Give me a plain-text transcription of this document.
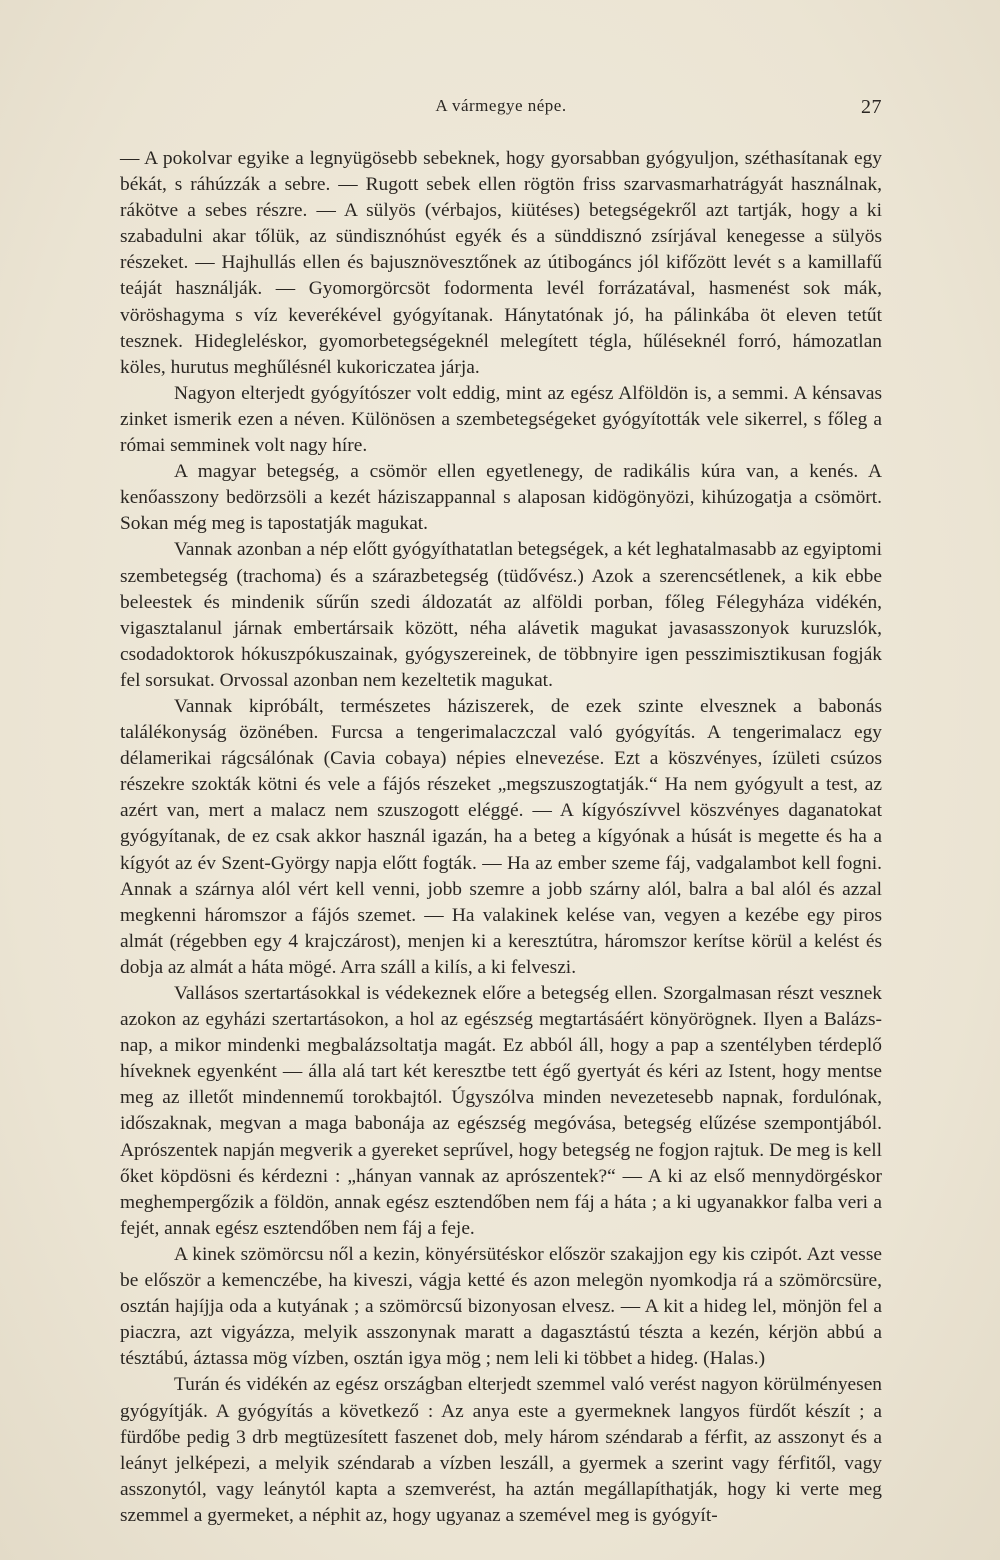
A vármegye népe.	27

— A pokolvar egyike a legnyügösebb sebeknek, hogy gyorsabban gyógyuljon, széthasítanak egy békát, s ráhúzzák a sebre. — Rugott sebek ellen rögtön friss szarvasmarhatrágyát használnak, rákötve a sebes részre. — A sülyös (vérbajos, kiütéses) betegségekről azt tartják, hogy a ki szabadulni akar tőlük, az sündisznóhúst egyék és a sünddisznó zsírjával kenegesse a sülyös részeket. — Hajhullás ellen és bajusznövesztőnek az útibogáncs jól kifőzött levét s a kamillafű teáját használják. — Gyomorgörcsöt fodormenta levél forrázatával, hasmenést sok mák, vöröshagyma s víz keverékével gyógyítanak. Hánytatónak jó, ha pálinkába öt eleven tetűt tesznek. Hidegleléskor, gyomorbetegségeknél melegített tégla, hűléseknél forró, hámozatlan köles, hurutus meghűlésnél kukoriczatea járja.

Nagyon elterjedt gyógyítószer volt eddig, mint az egész Alföldön is, a semmi. A kénsavas zinket ismerik ezen a néven. Különösen a szembetegségeket gyógyították vele sikerrel, s főleg a római semminek volt nagy híre.

A magyar betegség, a csömör ellen egyetlenegy, de radikális kúra van, a kenés. A kenőasszony bedörzsöli a kezét háziszappannal s alaposan kidögönyözi, kihúzogatja a csömört. Sokan még meg is tapostatják magukat.

Vannak azonban a nép előtt gyógyíthatatlan betegségek, a két leghatalmasabb az egyiptomi szembetegség (trachoma) és a szárazbetegség (tüdővész.) Azok a szerencsétlenek, a kik ebbe beleestek és mindenik sűrűn szedi áldozatát az alföldi porban, főleg Félegyháza vidékén, vigasztalanul járnak embertársaik között, néha alávetik magukat javasasszonyok kuruzslók, csodadoktorok hókuszpókuszainak, gyógyszereinek, de többnyire igen pesszimisztikusan fogják fel sorsukat. Orvossal azonban nem kezeltetik magukat.

Vannak kipróbált, természetes háziszerek, de ezek szinte elvesznek a babonás találékonyság özönében. Furcsa a tengerimalaczczal való gyógyítás. A tengerimalacz egy délamerikai rágcsálónak (Cavia cobaya) népies elnevezése. Ezt a köszvényes, ízületi csúzos részekre szokták kötni és vele a fájós részeket „megszuszogtatják.“ Ha nem gyógyult a test, az azért van, mert a malacz nem szuszogott eléggé. — A kígyószívvel köszvényes daganatokat gyógyítanak, de ez csak akkor használ igazán, ha a beteg a kígyónak a húsát is megette és ha a kígyót az év Szent-György napja előtt fogták. — Ha az ember szeme fáj, vadgalambot kell fogni. Annak a szárnya alól vért kell venni, jobb szemre a jobb szárny alól, balra a bal alól és azzal megkenni háromszor a fájós szemet. — Ha valakinek kelése van, vegyen a kezébe egy piros almát (régebben egy 4 krajczárost), menjen ki a keresztútra, háromszor kerítse körül a kelést és dobja az almát a háta mögé. Arra száll a kilís, a ki felveszi.

Vallásos szertartásokkal is védekeznek előre a betegség ellen. Szorgalmasan részt vesznek azokon az egyházi szertartásokon, a hol az egészség megtartásáért könyörögnek. Ilyen a Balázs-nap, a mikor mindenki megbalázsoltatja magát. Ez abból áll, hogy a pap a szentélyben térdeplő híveknek egyenként — álla alá tart két keresztbe tett égő gyertyát és kéri az Istent, hogy mentse meg az illetőt mindennemű torokbajtól. Úgyszólva minden nevezetesebb napnak, fordulónak, időszaknak, megvan a maga babonája az egészség megóvása, betegség elűzése szempontjából. Aprószentek napján megverik a gyereket seprűvel, hogy betegség ne fogjon rajtuk. De meg is kell őket köpdösni és kérdezni : „hányan vannak az aprószentek?“ — A ki az első mennydörgéskor meghempergőzik a földön, annak egész esztendőben nem fáj a háta ; a ki ugyanakkor falba veri a fejét, annak egész esztendőben nem fáj a feje.

A kinek szömörcsu nől a kezin, könyérsütéskor először szakajjon egy kis czipót. Azt vesse be először a kemenczébe, ha kiveszi, vágja ketté és azon melegön nyomkodja rá a szömörcsüre, osztán hajíjja oda a kutyának ; a szömörcsű bizonyosan elvesz. — A kit a hideg lel, mönjön fel a piaczra, azt vigyázza, melyik asszonynak maratt a dagasztástú tészta a kezén, kérjön abbú a tésztábú, áztassa mög vízben, osztán igya mög ; nem leli ki többet a hideg. (Halas.)

Turán és vidékén az egész országban elterjedt szemmel való verést nagyon körülményesen gyógyítják. A gyógyítás a következő : Az anya este a gyermeknek langyos fürdőt készít ; a fürdőbe pedig 3 drb megtüzesített faszenet dob, mely három széndarab a férfit, az asszonyt és a leányt jelképezi, a melyik széndarab a vízben leszáll, a gyermek a szerint vagy férfitől, vagy asszonytól, vagy leánytól kapta a szemverést, ha aztán megállapíthatják, hogy ki verte meg szemmel a gyermeket, a néphit az, hogy ugyanaz a szemével meg is gyógyít-
